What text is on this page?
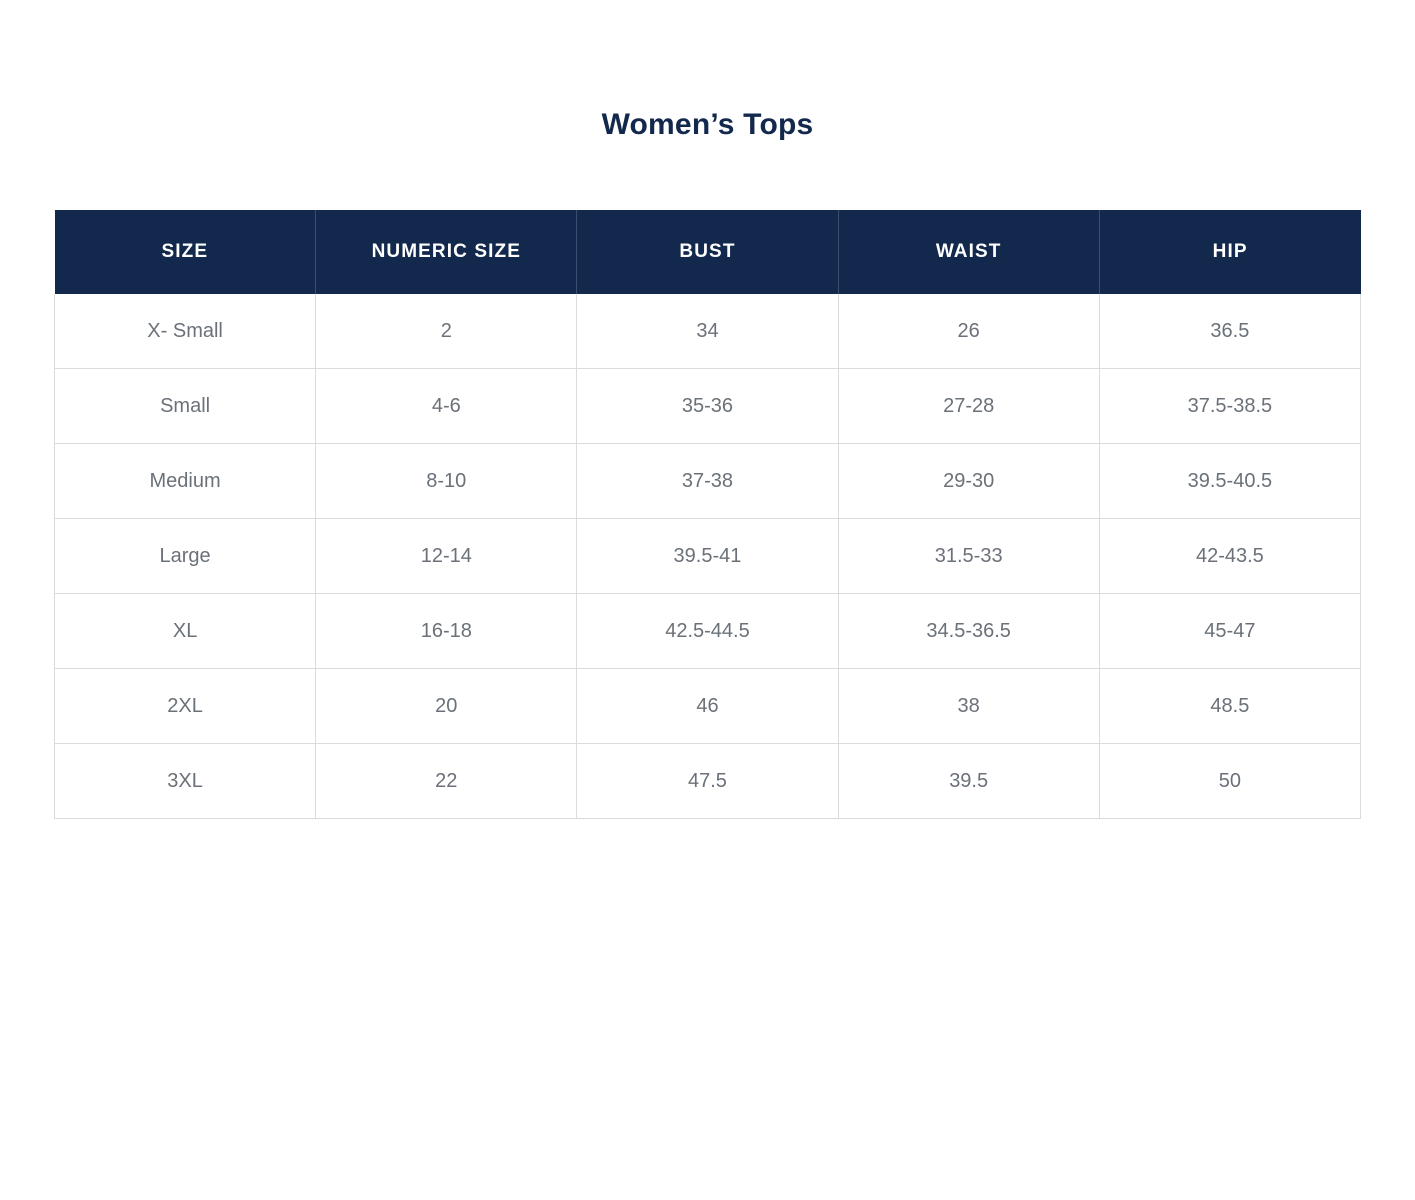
Women’s Tops
SIZE	NUMERIC SIZE	BUST	WAIST	HIP
X- Small	2	34	26	36.5
Small	4-6	35-36	27-28	37.5-38.5
Medium	8-10	37-38	29-30	39.5-40.5
Large	12-14	39.5-41	31.5-33	42-43.5
XL	16-18	42.5-44.5	34.5-36.5	45-47
2XL	20	46	38	48.5
3XL	22	47.5	39.5	50
